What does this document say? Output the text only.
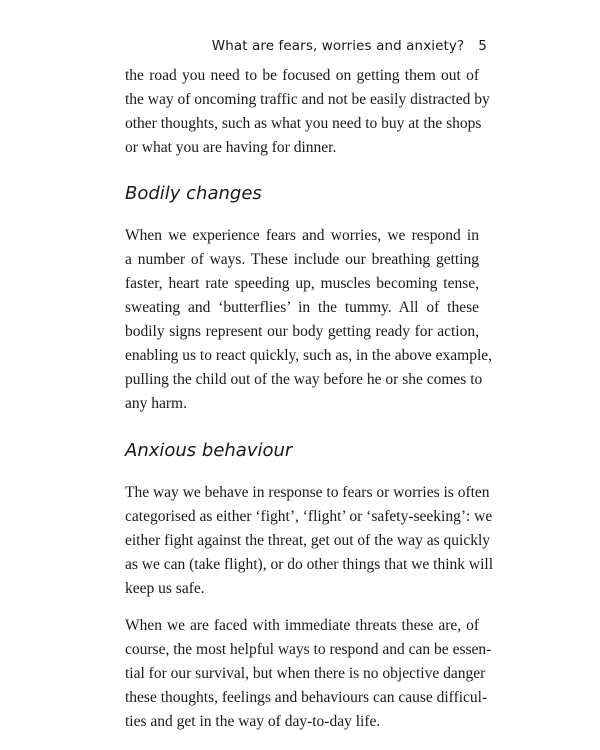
What are fears, worries and anxiety? 5

the road you need to be focused on getting them out of
the way of oncoming traffic and not be easily distracted by
other thoughts, such as what you need to buy at the shops
or what you are having for dinner.

Bodily changes

When we experience fears and worries, we respond in
a number of ways. These include our breathing getting
faster, heart rate speeding up, muscles becoming tense,
sweating and ‘butterflies’ in the tummy. All of these
bodily signs represent our body getting ready for action,
enabling us to react quickly, such as, in the above example,
pulling the child out of the way before he or she comes to
any harm.

Anxious behaviour

The way we behave in response to fears or worries is often
categorised as either ‘fight’, ‘flight’ or ‘safety-seeking’: we
either fight against the threat, get out of the way as quickly
as we can (take flight), or do other things that we think will
keep us safe.

When we are faced with immediate threats these are, of
course, the most helpful ways to respond and can be essen-
tial for our survival, but when there is no objective danger
these thoughts, feelings and behaviours can cause difficul-
ties and get in the way of day-to-day life.
